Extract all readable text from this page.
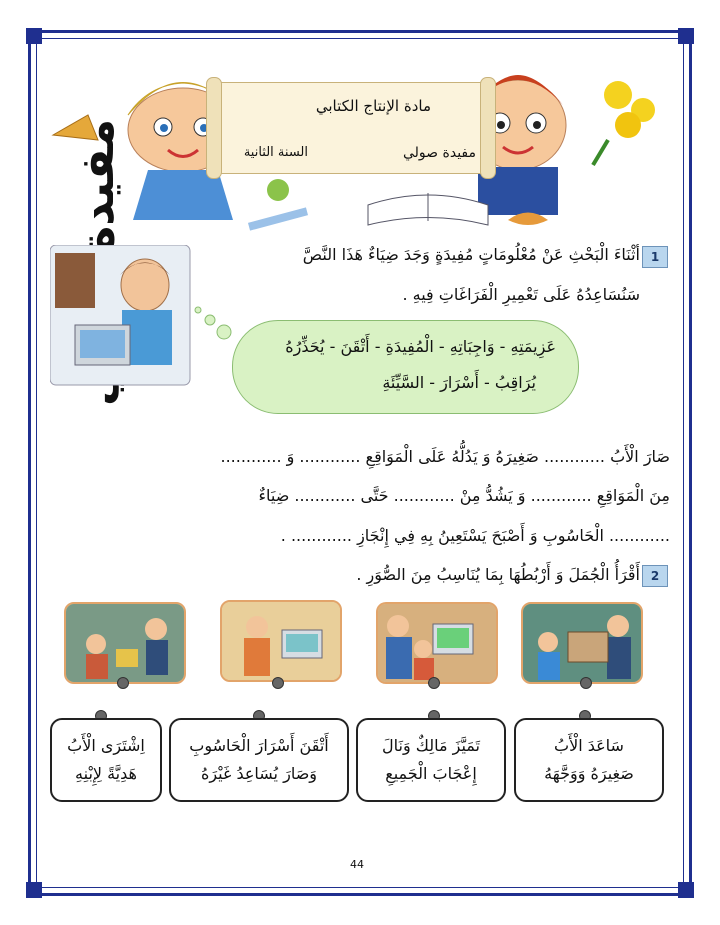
مادة الإنتاج الكتابي
مفيدة صولي
السنة الثانية
1
أثْنَاءَ الْبَحْثِ عَنْ مُعْلُومَاتٍ مُفِيدَةٍ وَجَدَ ضِيَاءٌ هَذَا النَّصَّ
سَنُسَاعِدُهُ عَلَى تَعْمِيرِ الْفَرَاغَاتِ فِيهِ .
عَزِيمَتِهِ - وَاجِبَاتِهِ - الْمُفِيدَةِ - أَتْقَنَ - يُحَذِّرُهُ
يُرَاقِبُ - أَسْرَارَ - السَّيِّئَةِ
صَارَ الْأَبُ ............ صَغِيرَهُ وَ يَدُلُّهُ عَلَى الْمَوَاقِعِ ............ وَ ............
مِنَ الْمَوَاقِعِ ............ وَ يَشُدُّ مِنْ ............ حَتَّى ............ ضِيَاءٌ
............ الْحَاسُوبِ وَ أَصْبَحَ يَسْتَعِينُ بِهِ فِي إِنْجَازِ ............ .
2
أَقْرَأُ الْجُمَلَ وَ أَرْبُطُهَا بِمَا يُنَاسِبُ مِنَ الصُّوَرِ .
سَاعَدَ الْأَبُ
صَغِيرَهُ وَوَجَّهَهُ
تَمَيَّزَ مَالِكٌ وَنَالَ
إِعْجَابَ الْجَمِيعِ
أَتْقَنَ أَسْرَارَ الْحَاسُوبِ
وَصَارَ يُسَاعِدُ غَيْرَهُ
اِشْتَرَى الْأَبُ
هَدِيَّةً لِإِبْنِهِ
44
